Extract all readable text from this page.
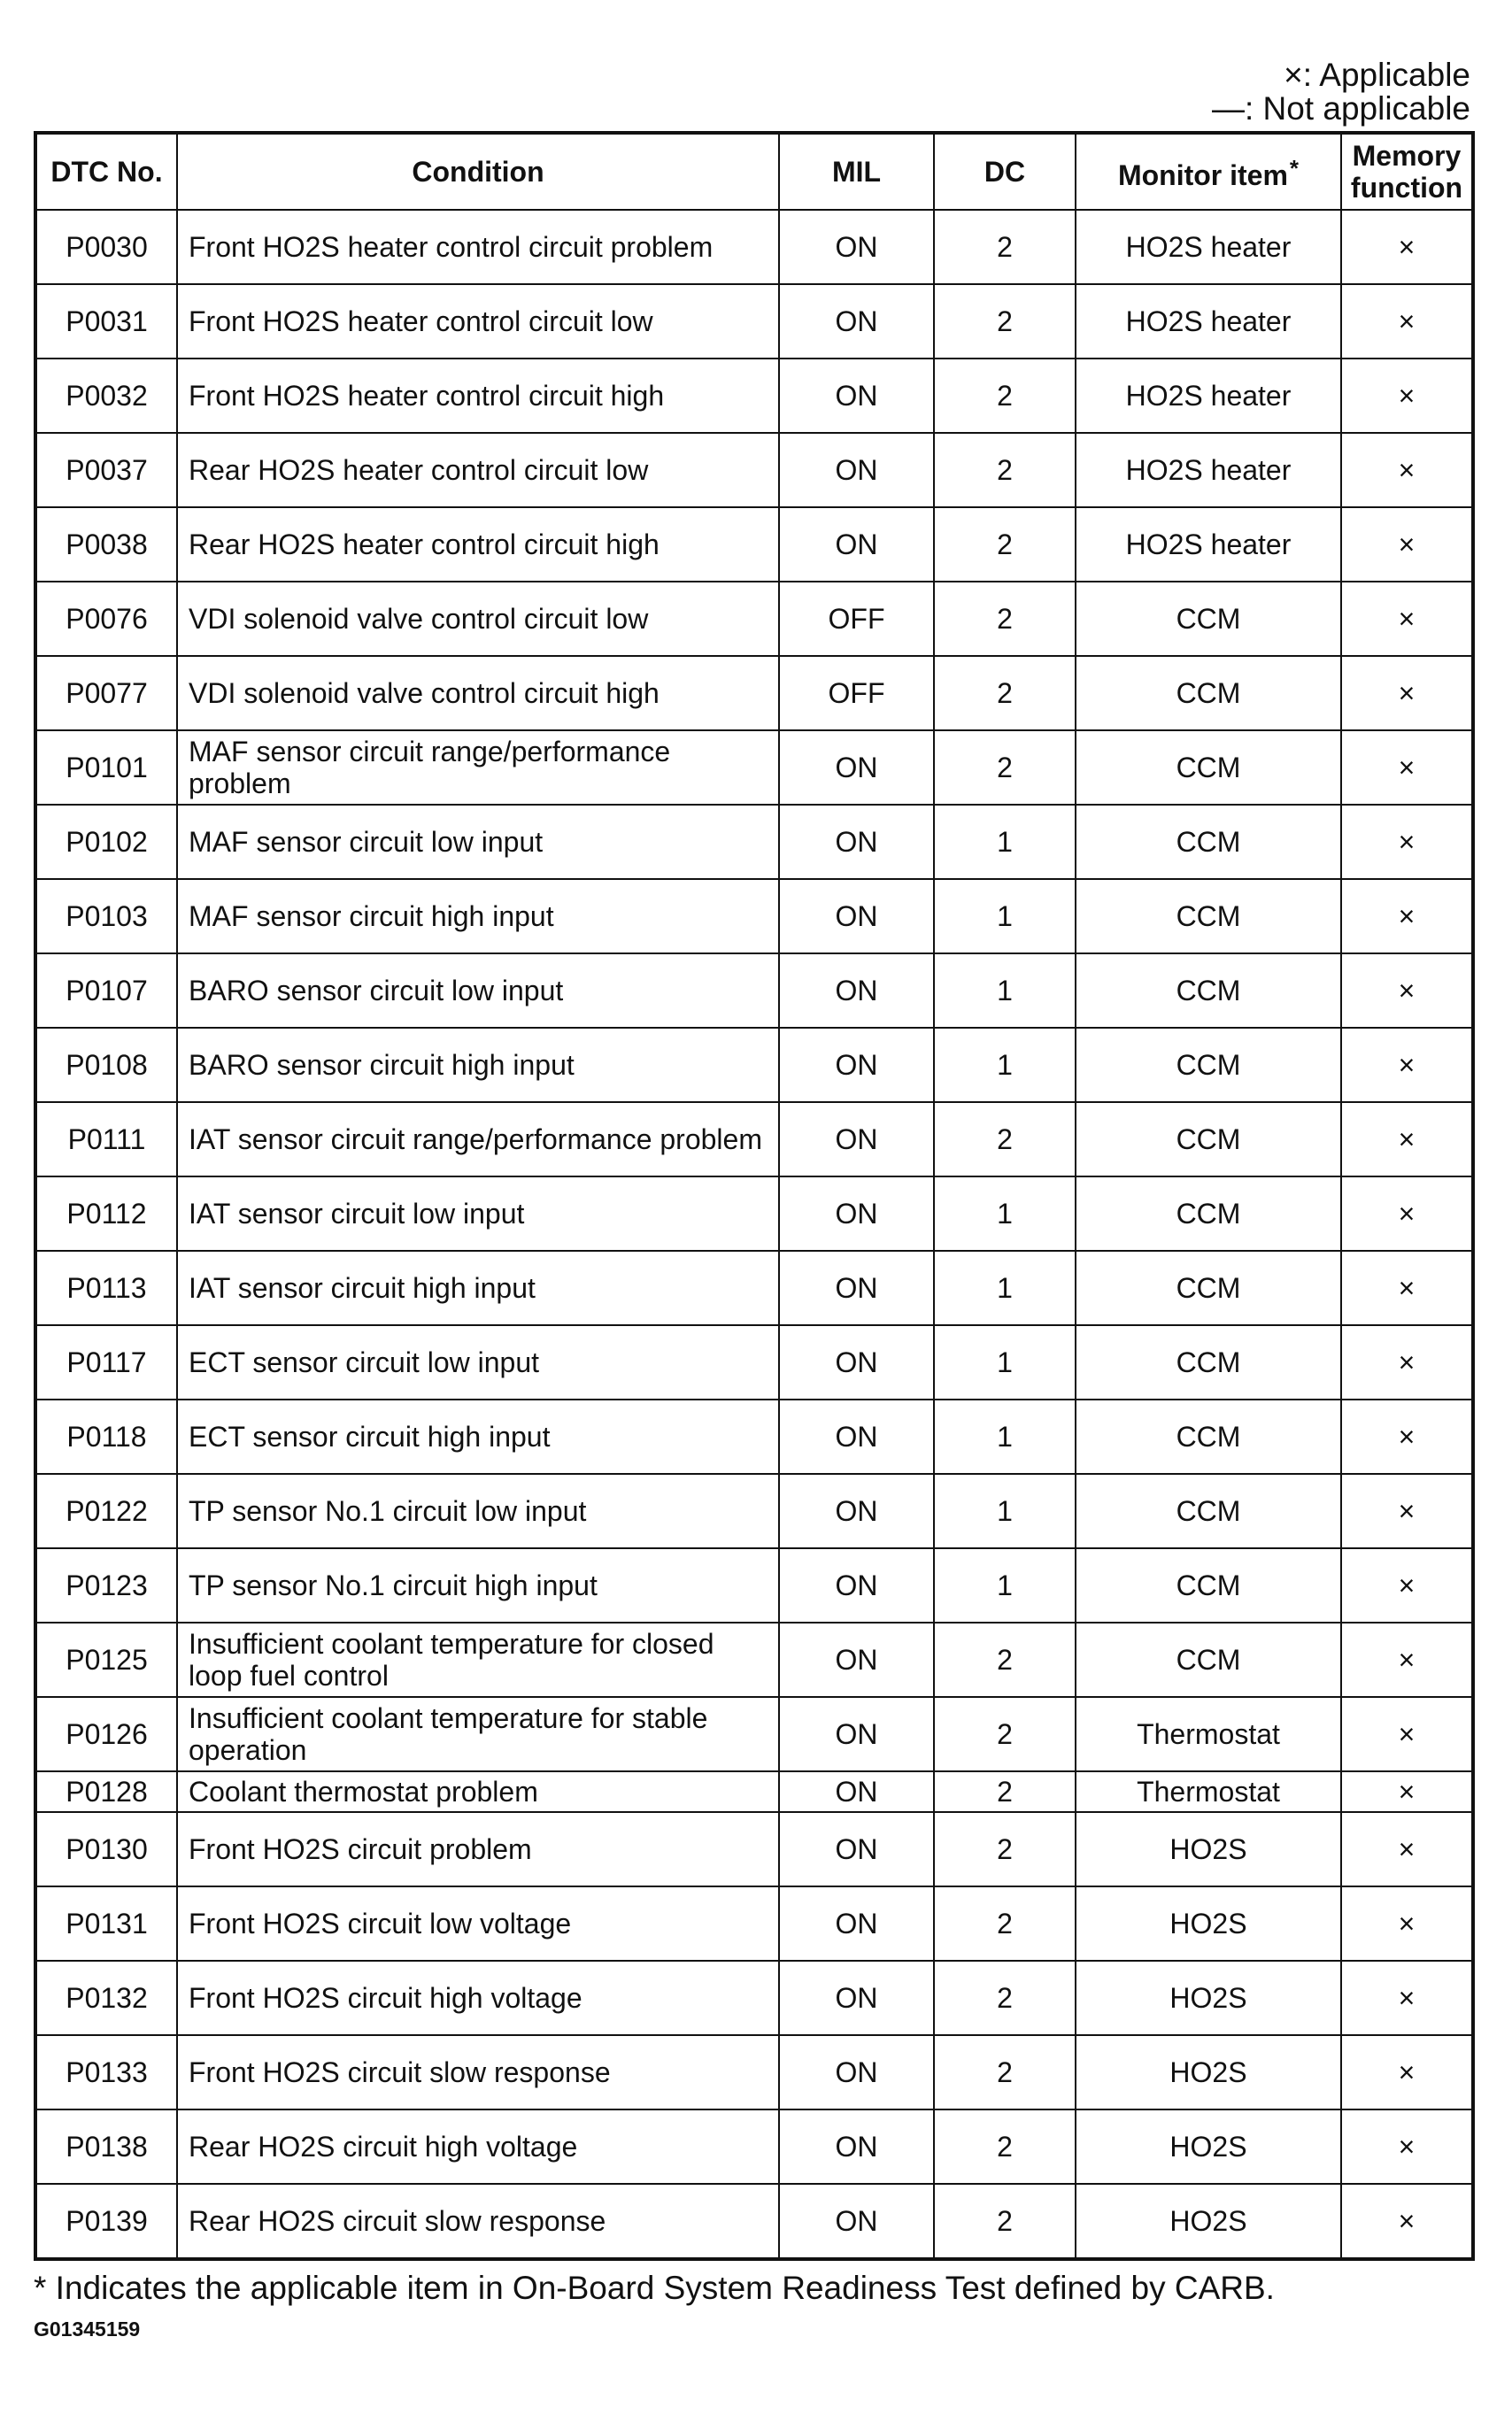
×: Applicable
—: Not applicable
DTC No.	Condition	MIL	DC	Monitor item*	Memory
function

P0030	Front HO2S heater control circuit problem	ON	2	HO2S heater	×
P0031	Front HO2S heater control circuit low	ON	2	HO2S heater	×
P0032	Front HO2S heater control circuit high	ON	2	HO2S heater	×
P0037	Rear HO2S heater control circuit low	ON	2	HO2S heater	×
P0038	Rear HO2S heater control circuit high	ON	2	HO2S heater	×
P0076	VDI solenoid valve control circuit low	OFF	2	CCM	×
P0077	VDI solenoid valve control circuit high	OFF	2	CCM	×
P0101	MAF sensor circuit range/performance problem	ON	2	CCM	×
P0102	MAF sensor circuit low input	ON	1	CCM	×
P0103	MAF sensor circuit high input	ON	1	CCM	×
P0107	BARO sensor circuit low input	ON	1	CCM	×
P0108	BARO sensor circuit high input	ON	1	CCM	×
P0111	IAT sensor circuit range/performance problem	ON	2	CCM	×
P0112	IAT sensor circuit low input	ON	1	CCM	×
P0113	IAT sensor circuit high input	ON	1	CCM	×
P0117	ECT sensor circuit low input	ON	1	CCM	×
P0118	ECT sensor circuit high input	ON	1	CCM	×
P0122	TP sensor No.1 circuit low input	ON	1	CCM	×
P0123	TP sensor No.1 circuit high input	ON	1	CCM	×
P0125	Insufficient coolant temperature for closed loop fuel control	ON	2	CCM	×
P0126	Insufficient coolant temperature for stable operation	ON	2	Thermostat	×
P0128	Coolant thermostat problem	ON	2	Thermostat	×
P0130	Front HO2S circuit problem	ON	2	HO2S	×
P0131	Front HO2S circuit low voltage	ON	2	HO2S	×
P0132	Front HO2S circuit high voltage	ON	2	HO2S	×
P0133	Front HO2S circuit slow response	ON	2	HO2S	×
P0138	Rear HO2S circuit high voltage	ON	2	HO2S	×
P0139	Rear HO2S circuit slow response	ON	2	HO2S	×
* Indicates the applicable item in On-Board System Readiness Test defined by CARB.
G01345159
